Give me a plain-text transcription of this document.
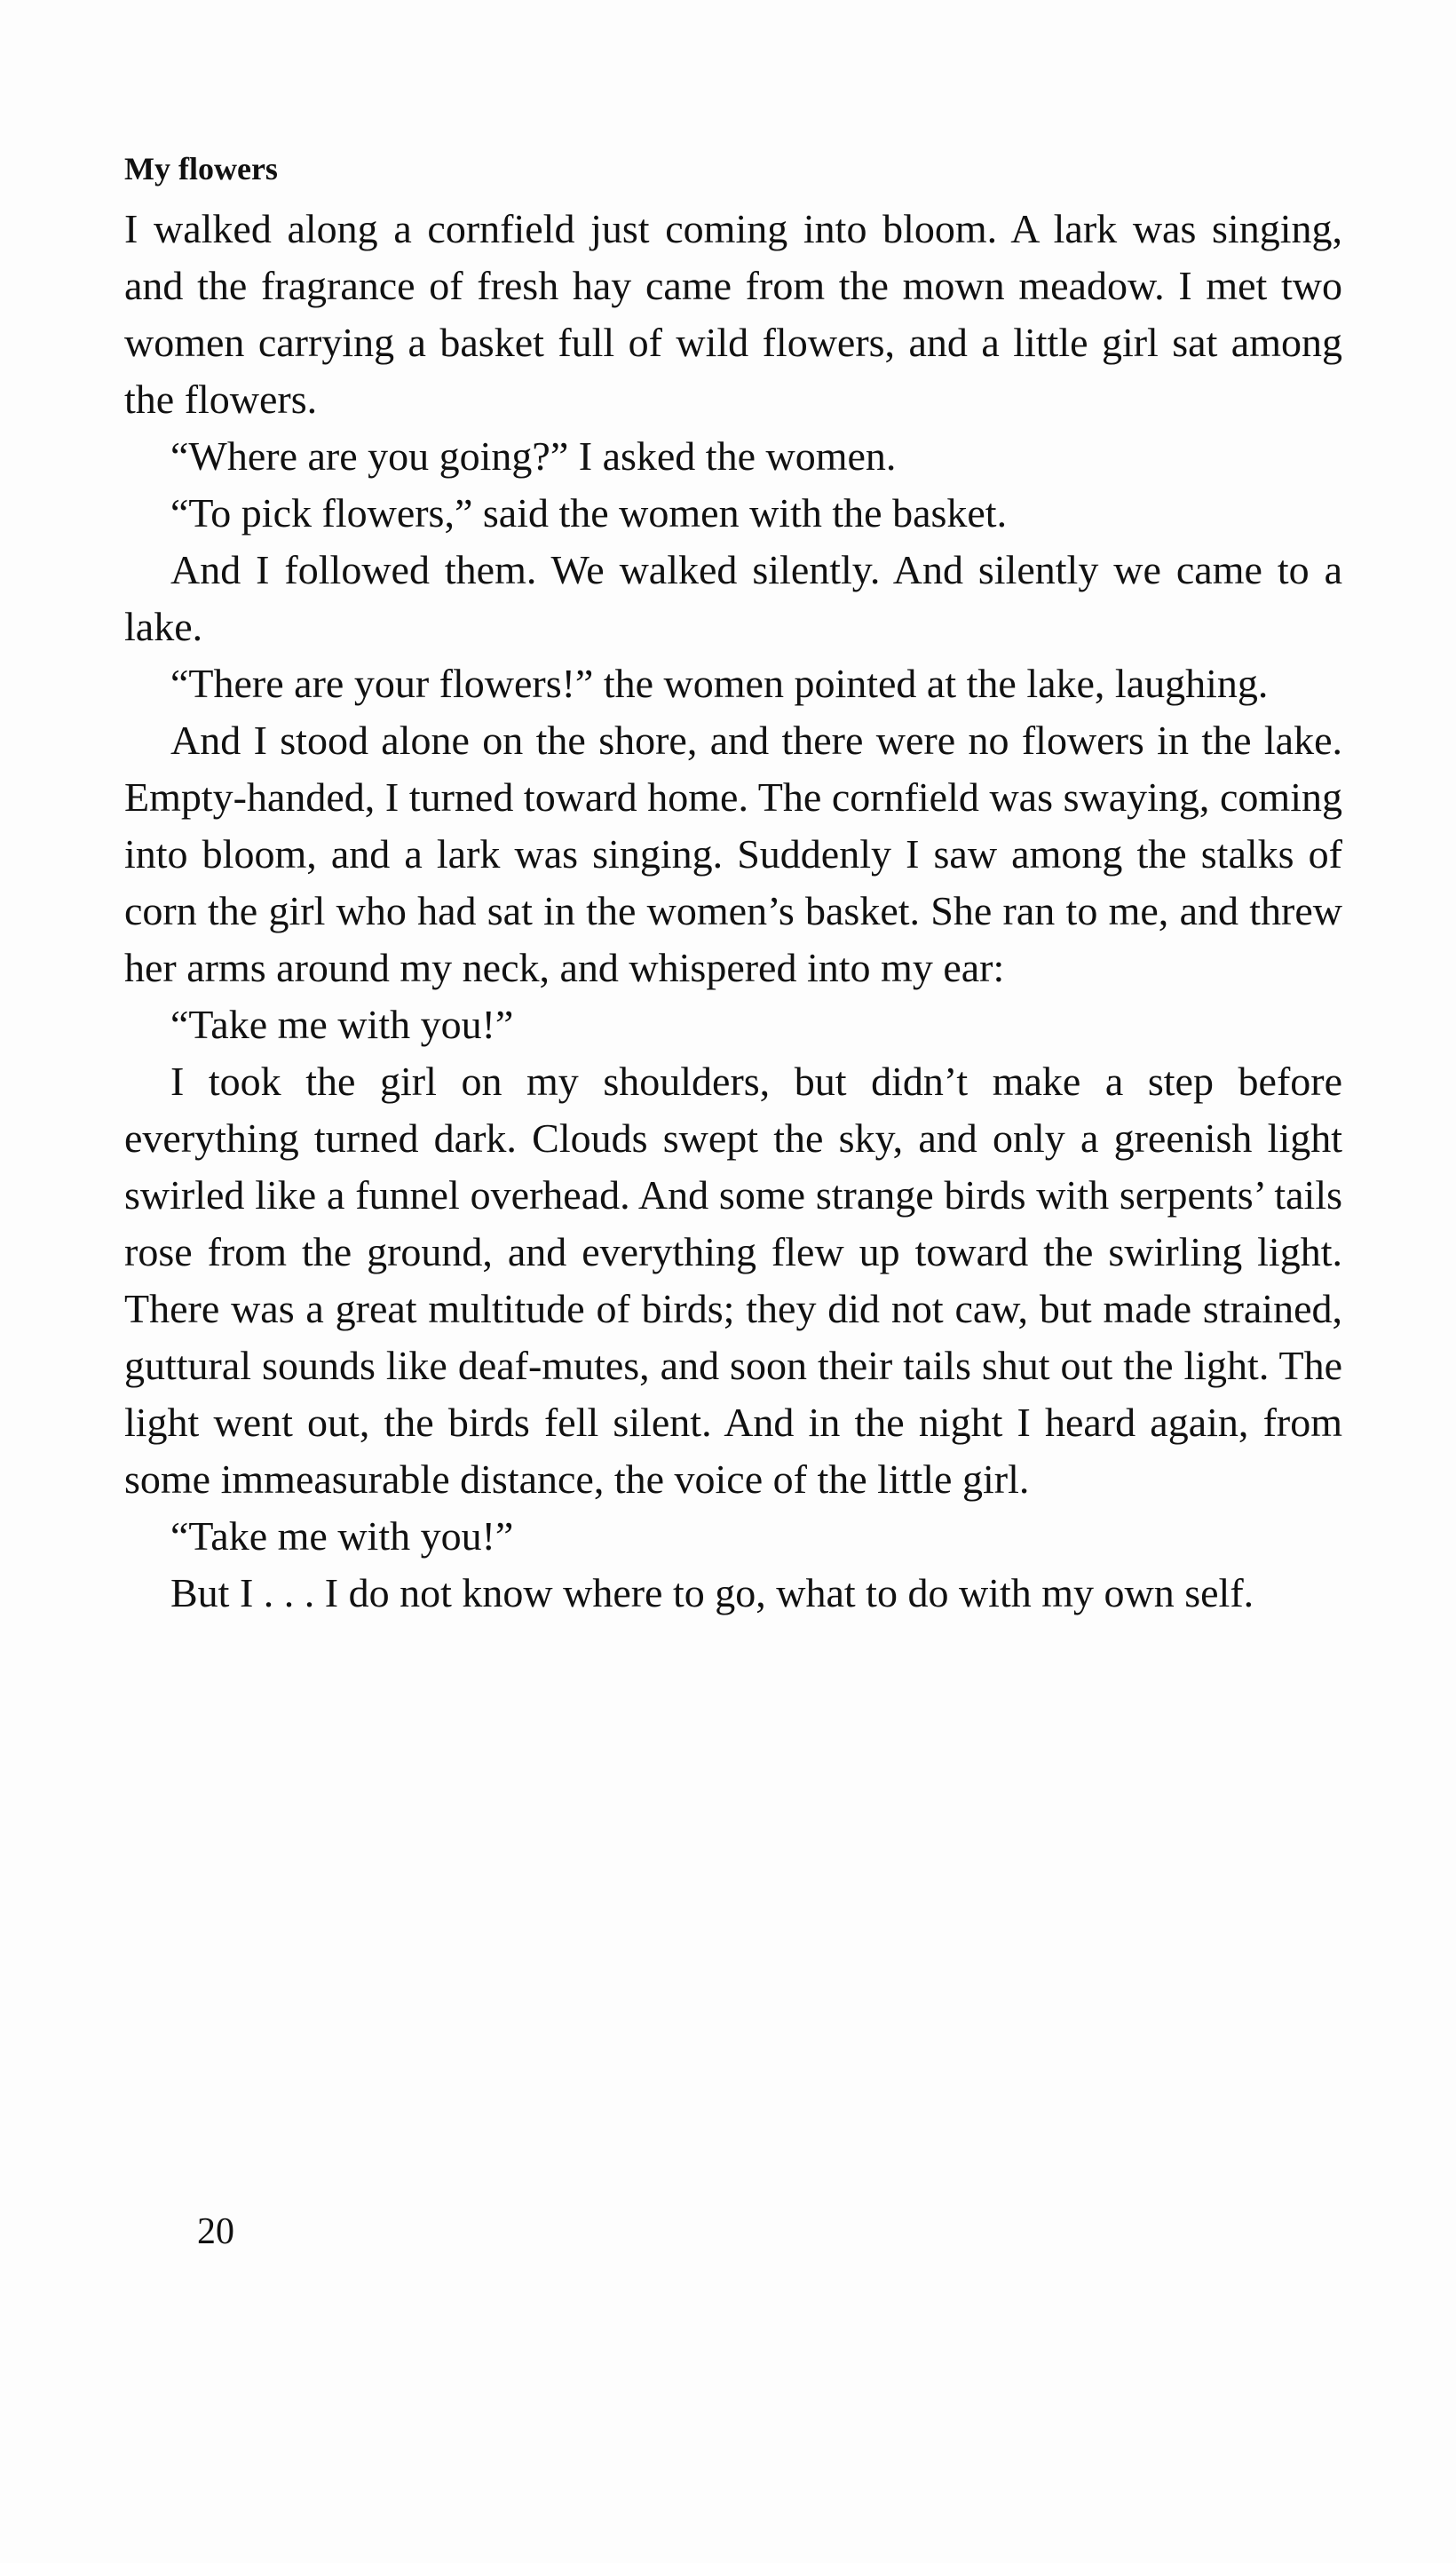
My flowers

I walked along a cornfield just coming into bloom. A lark was singing, and the fragrance of fresh hay came from the mown meadow. I met two women carrying a basket full of wild flowers, and a little girl sat among the flowers.

“Where are you going?” I asked the women.

“To pick flowers,” said the women with the basket.

And I followed them. We walked silently. And silently we came to a lake.

“There are your flowers!” the women pointed at the lake, laughing.

And I stood alone on the shore, and there were no flowers in the lake. Empty-handed, I turned toward home. The cornfield was swaying, coming into bloom, and a lark was singing. Suddenly I saw among the stalks of corn the girl who had sat in the women’s basket. She ran to me, and threw her arms around my neck, and whispered into my ear:

“Take me with you!”

I took the girl on my shoulders, but didn’t make a step before everything turned dark. Clouds swept the sky, and only a greenish light swirled like a funnel overhead. And some strange birds with serpents’ tails rose from the ground, and everything flew up toward the swirling light. There was a great multitude of birds; they did not caw, but made strained, guttural sounds like deaf-mutes, and soon their tails shut out the light. The light went out, the birds fell silent. And in the night I heard again, from some immeasurable distance, the voice of the little girl.

“Take me with you!”

But I . . . I do not know where to go, what to do with my own self.

20
